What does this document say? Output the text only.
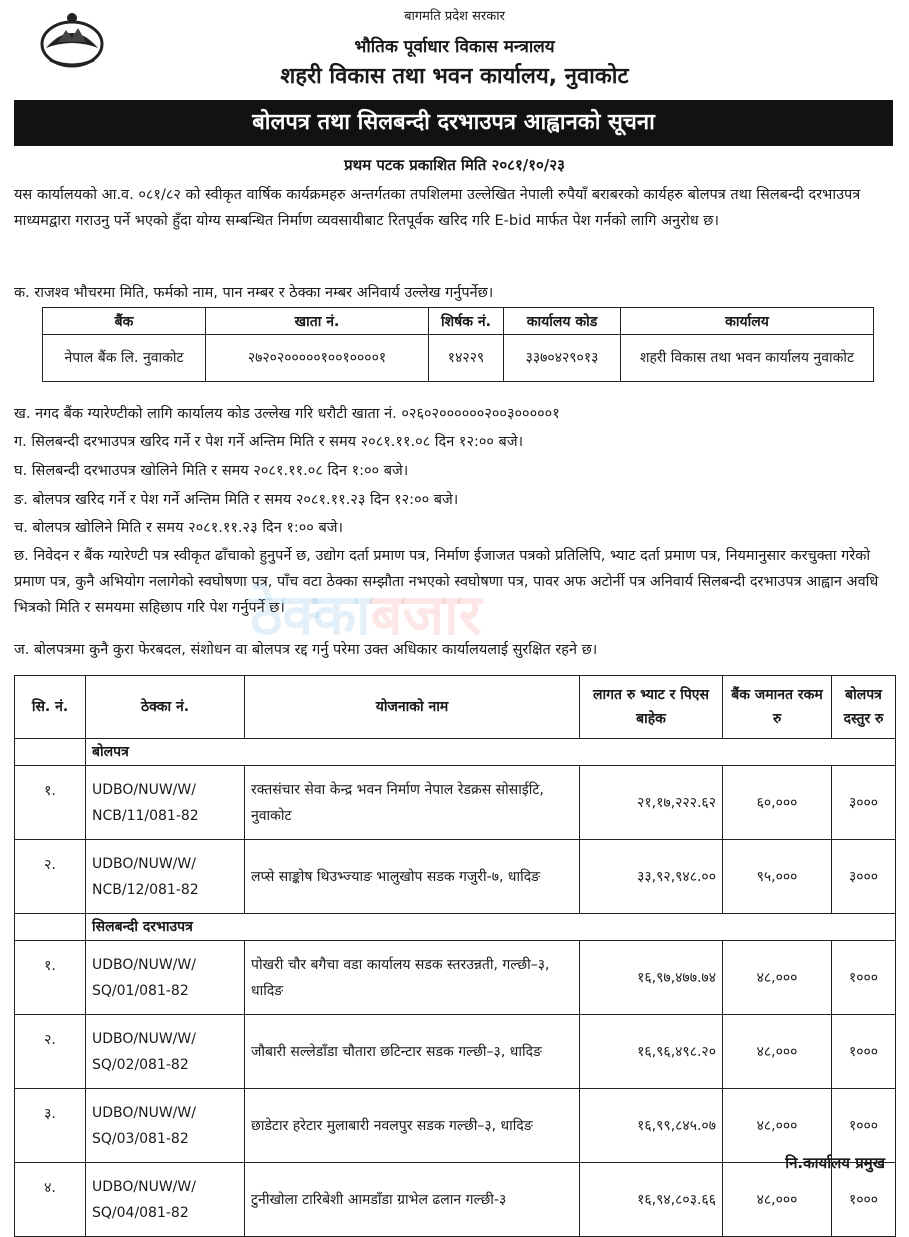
बागमति प्रदेश सरकार
भौतिक पूर्वाधार विकास मन्त्रालय
शहरी विकास तथा भवन कार्यालय, नुवाकोट
बोलपत्र तथा सिलबन्दी दरभाउपत्र आह्वानको सूचना
प्रथम पटक प्रकाशित मिति २०८१/१०/२३
यस कार्यालयको आ.व. ०८१/८२ को स्वीकृत वार्षिक कार्यक्रमहरु अन्तर्गतका तपशिलमा उल्लेखित नेपाली रुपैयाँ बराबरको कार्यहरु बोलपत्र तथा सिलबन्दी दरभाउपत्र माध्यमद्वारा गराउनु पर्ने भएको हुँदा योग्य सम्बन्धित निर्माण व्यवसायीबाट रितपूर्वक खरिद गरि E-bid मार्फत पेश गर्नको लागि अनुरोध छ।
क. राजश्व भौचरमा मिति, फर्मको नाम, पान नम्बर र ठेक्का नम्बर अनिवार्य उल्लेख गर्नुपर्नेछ।
बैंक	खाता नं.	शिर्षक नं.	कार्यालय कोड	कार्यालय
नेपाल बैंक लि. नुवाकोट	२७२०२०००००१००१००००१	१४२२९	३३७०४२९०१३	शहरी विकास तथा भवन कार्यालय नुवाकोट
ख. नगद बैंक ग्यारेण्टीको लागि कार्यालय कोड उल्लेख गरि धरौटी खाता नं. ०२६०२००००००२००३०००००१
ग. सिलबन्दी दरभाउपत्र खरिद गर्ने र पेश गर्ने अन्तिम मिति र समय २०८१.११.०८ दिन १२:०० बजे।
घ. सिलबन्दी दरभाउपत्र खोलिने मिति र समय २०८१.११.०८ दिन १:०० बजे।
ङ. बोलपत्र खरिद गर्ने र पेश गर्ने अन्तिम मिति र समय २०८१.११.२३ दिन १२:०० बजे।
च. बोलपत्र खोलिने मिति र समय २०८१.११.२३ दिन १:०० बजे।
छ. निवेदन र बैंक ग्यारेण्टी पत्र स्वीकृत ढाँचाको हुनुपर्ने छ, उद्योग दर्ता प्रमाण पत्र, निर्माण ईजाजत पत्रको प्रतिलिपि, भ्याट दर्ता प्रमाण पत्र, नियमानुसार करचुक्ता गरेको प्रमाण पत्र, कुनै अभियोग नलागेको स्वघोषणा पत्र, पाँच वटा ठेक्का सम्झौता नभएको स्वघोषणा पत्र, पावर अफ अटोर्नी पत्र अनिवार्य सिलबन्दी दरभाउपत्र आह्वान अवधि भित्रको मिति र समयमा सहिछाप गरि पेश गर्नुपर्ने छ।
ज. बोलपत्रमा कुनै कुरा फेरबदल, संशोधन वा बोलपत्र रद्द गर्नु परेमा उक्त अधिकार कार्यालयलाई सुरक्षित रहने छ।
ठेक्काबजार
सि. नं.	ठेक्का नं.	योजनाको नाम	लागत रु भ्याट र पिएस बाहेक	बैंक जमानत रकम रु	बोलपत्र दस्तुर रु
	बोलपत्र				
१.	UDBO/NUW/W/ NCB/11/081-82	रक्तसंचार सेवा केन्द्र भवन निर्माण नेपाल रेडक्रस सोसाईटि, नुवाकोट	२१,१७,२२२.६२	६०,०००	३०००
२.	UDBO/NUW/W/ NCB/12/081-82	लप्से साङ्कोष थिउभ्ज्याङ भालुखोप सडक गजुरी-७, धादिङ	३३,९२,९४८.००	९५,०००	३०००
	सिलबन्दी दरभाउपत्र				
१.	UDBO/NUW/W/ SQ/01/081-82	पोखरी चौर बगैचा वडा कार्यालय सडक स्तरउन्नती, गल्छी–३, धादिङ	१६,९७,४७७.७४	४८,०००	१०००
२.	UDBO/NUW/W/ SQ/02/081-82	जौबारी सल्लेडाँडा चौतारा छटिन्टार सडक गल्छी–३, धादिङ	१६,९६,४९८.२०	४८,०००	१०००
३.	UDBO/NUW/W/ SQ/03/081-82	छाडेटार हरेटार मुलाबारी नवलपुर सडक गल्छी–३, धादिङ	१६,९९,८४५.०७	४८,०००	१०००
४.	UDBO/NUW/W/ SQ/04/081-82	टुनीखोला टारिबेशी आमडाँडा ग्राभेल ढलान गल्छी-३	१६,९४,८०३.६६	४८,०००	१०००
नि.कार्यालय प्रमुख
